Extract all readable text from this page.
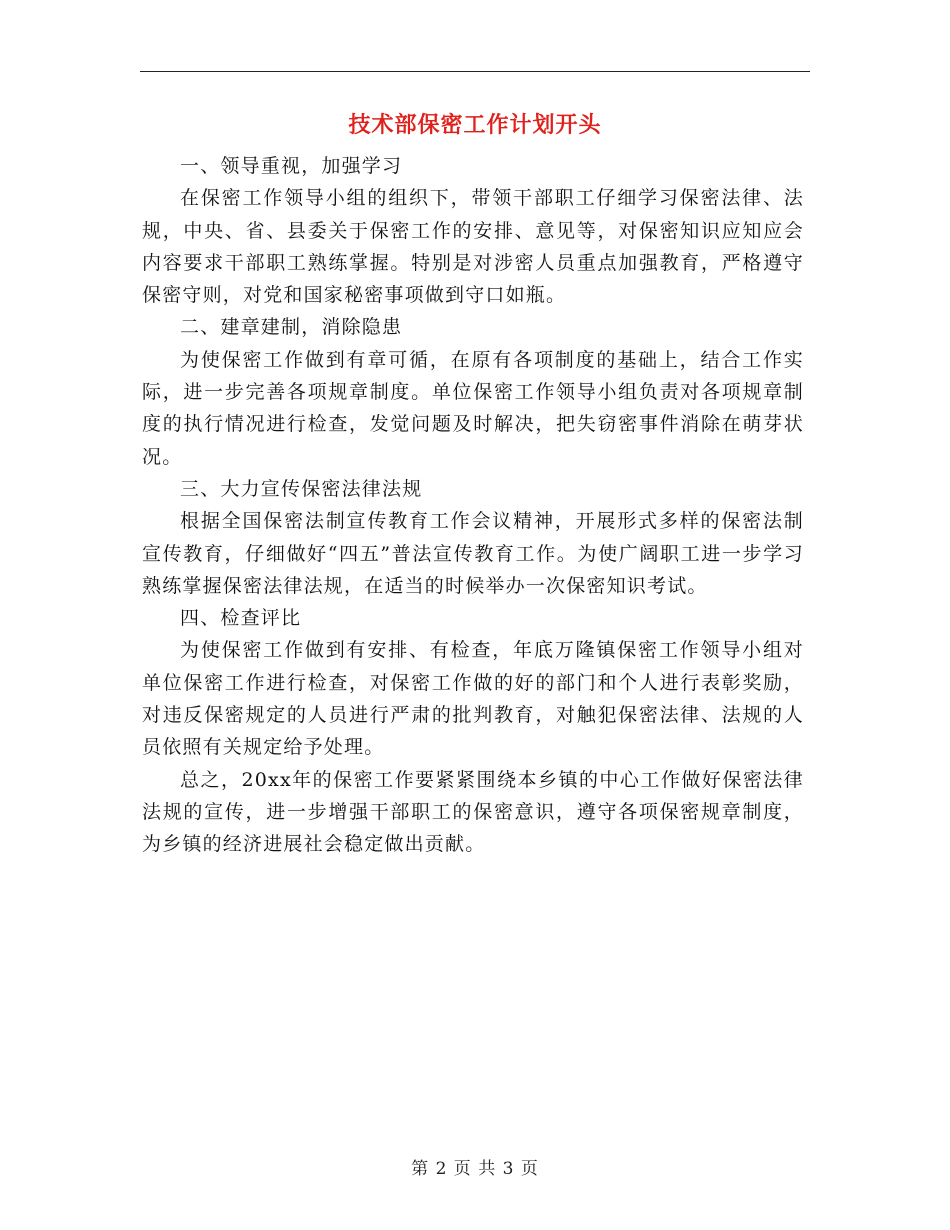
技术部保密工作计划开头

一、领导重视，加强学习

在保密工作领导小组的组织下，带领干部职工仔细学习保密法律、法规，中央、省、县委关于保密工作的安排、意见等，对保密知识应知应会内容要求干部职工熟练掌握。特别是对涉密人员重点加强教育，严格遵守保密守则，对党和国家秘密事项做到守口如瓶。

二、建章建制，消除隐患

为使保密工作做到有章可循，在原有各项制度的基础上，结合工作实际，进一步完善各项规章制度。单位保密工作领导小组负责对各项规章制度的执行情况进行检查，发觉问题及时解决，把失窃密事件消除在萌芽状况。

三、大力宣传保密法律法规

根据全国保密法制宣传教育工作会议精神，开展形式多样的保密法制宣传教育，仔细做好“四五”普法宣传教育工作。为使广阔职工进一步学习熟练掌握保密法律法规，在适当的时候举办一次保密知识考试。

四、检查评比

为使保密工作做到有安排、有检查，年底万隆镇保密工作领导小组对单位保密工作进行检查，对保密工作做的好的部门和个人进行表彰奖励，对违反保密规定的人员进行严肃的批判教育，对触犯保密法律、法规的人员依照有关规定给予处理。

总之，20xx年的保密工作要紧紧围绕本乡镇的中心工作做好保密法律法规的宣传，进一步增强干部职工的保密意识，遵守各项保密规章制度，为乡镇的经济进展社会稳定做出贡献。

第 2 页 共 3 页
